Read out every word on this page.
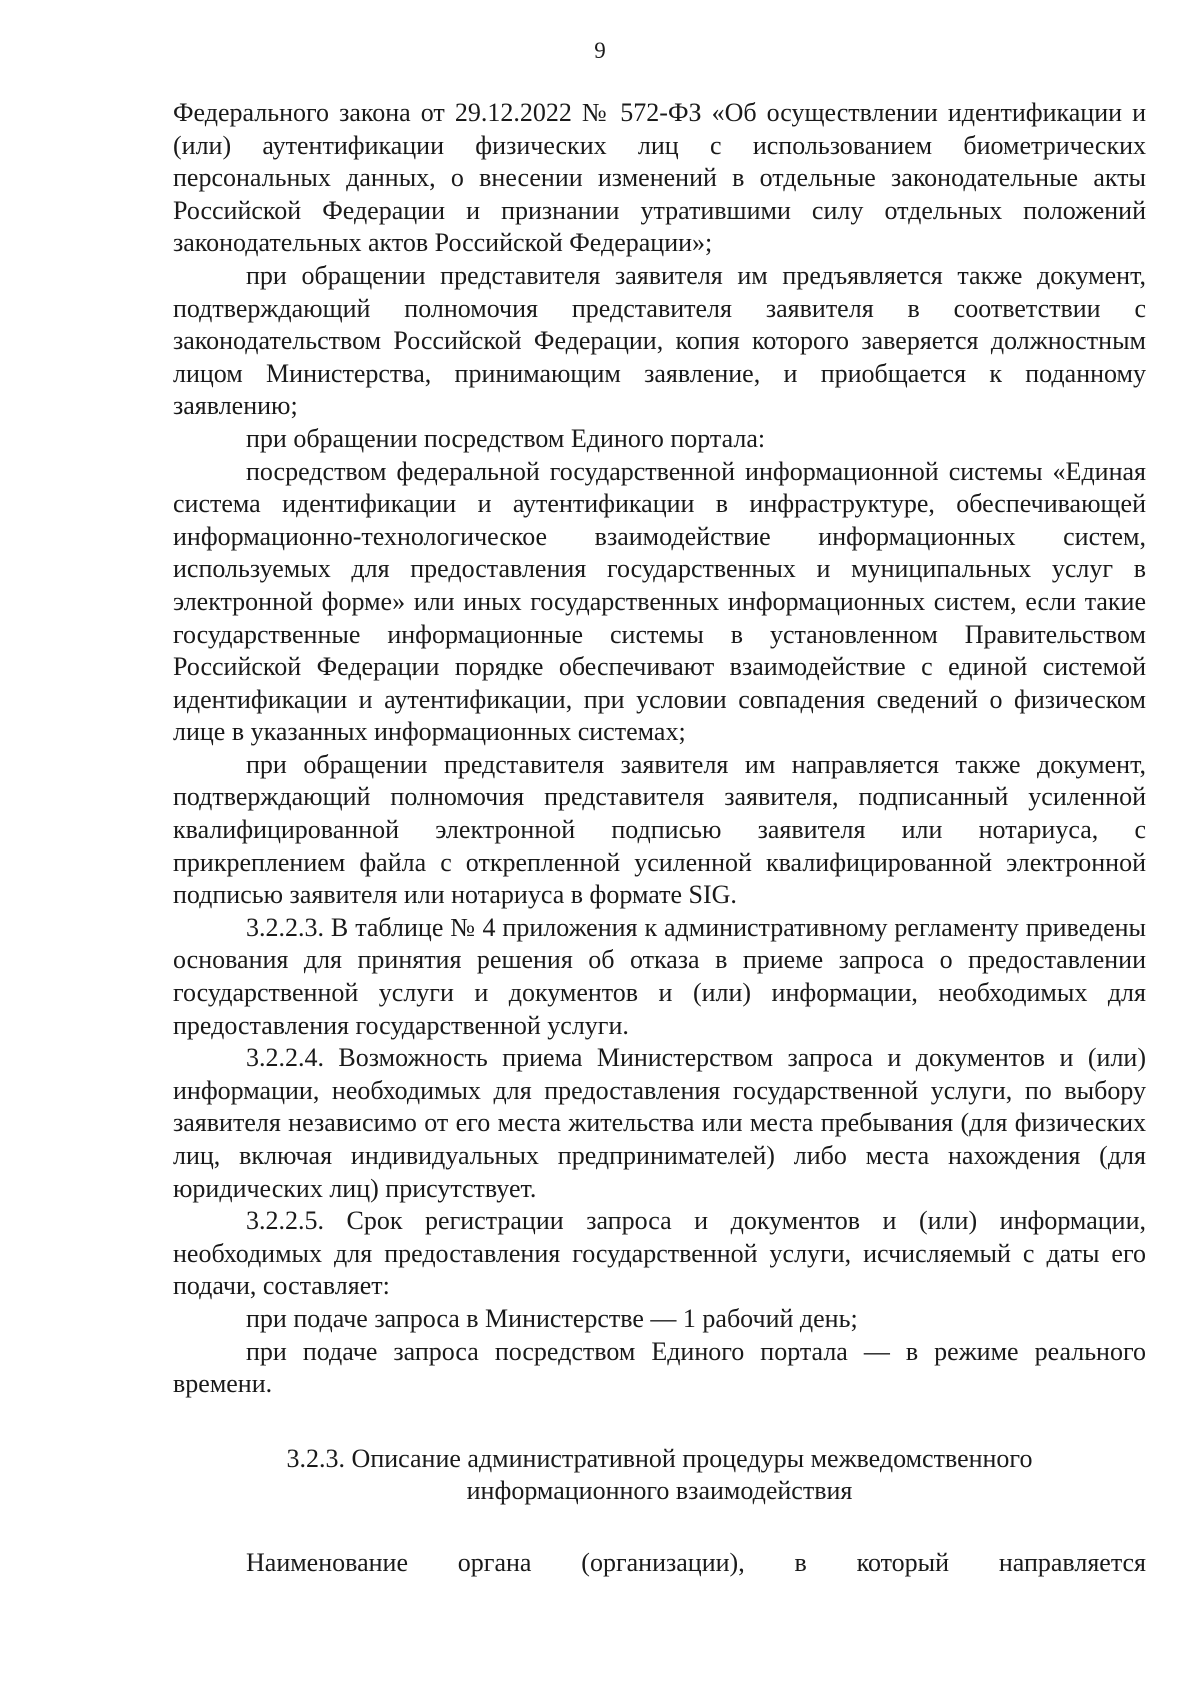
9

Федерального закона от 29.12.2022 № 572-ФЗ «Об осуществлении идентификации и (или) аутентификации физических лиц с использованием биометрических персональных данных, о внесении изменений в отдельные законодательные акты Российской Федерации и признании утратившими силу отдельных положений законодательных актов Российской Федерации»;

при обращении представителя заявителя им предъявляется также документ, подтверждающий полномочия представителя заявителя в соответствии с законодательством Российской Федерации, копия которого заверяется должностным лицом Министерства, принимающим заявление, и приобщается к поданному заявлению;

при обращении посредством Единого портала:

посредством федеральной государственной информационной системы «Единая система идентификации и аутентификации в инфраструктуре, обеспечивающей информационно-технологическое взаимодействие информационных систем, используемых для предоставления государственных и муниципальных услуг в электронной форме» или иных государственных информационных систем, если такие государственные информационные системы в установленном Правительством Российской Федерации порядке обеспечивают взаимодействие с единой системой идентификации и аутентификации, при условии совпадения сведений о физическом лице в указанных информационных системах;

при обращении представителя заявителя им направляется также документ, подтверждающий полномочия представителя заявителя, подписанный усиленной квалифицированной электронной подписью заявителя или нотариуса, с прикреплением файла с открепленной усиленной квалифицированной электронной подписью заявителя или нотариуса в формате SIG.

3.2.2.3. В таблице № 4 приложения к административному регламенту приведены основания для принятия решения об отказа в приеме запроса о предоставлении государственной услуги и документов и (или) информации, необходимых для предоставления государственной услуги.

3.2.2.4. Возможность приема Министерством запроса и документов и (или) информации, необходимых для предоставления государственной услуги, по выбору заявителя независимо от его места жительства или места пребывания (для физических лиц, включая индивидуальных предпринимателей) либо места нахождения (для юридических лиц) присутствует.

3.2.2.5. Срок регистрации запроса и документов и (или) информации, необходимых для предоставления государственной услуги, исчисляемый с даты его подачи, составляет:

при подаче запроса в Министерстве — 1 рабочий день;

при подаче запроса посредством Единого портала — в режиме реального времени.

3.2.3. Описание административной процедуры межведомственного
информационного взаимодействия

Наименование органа (организации), в который направляется
